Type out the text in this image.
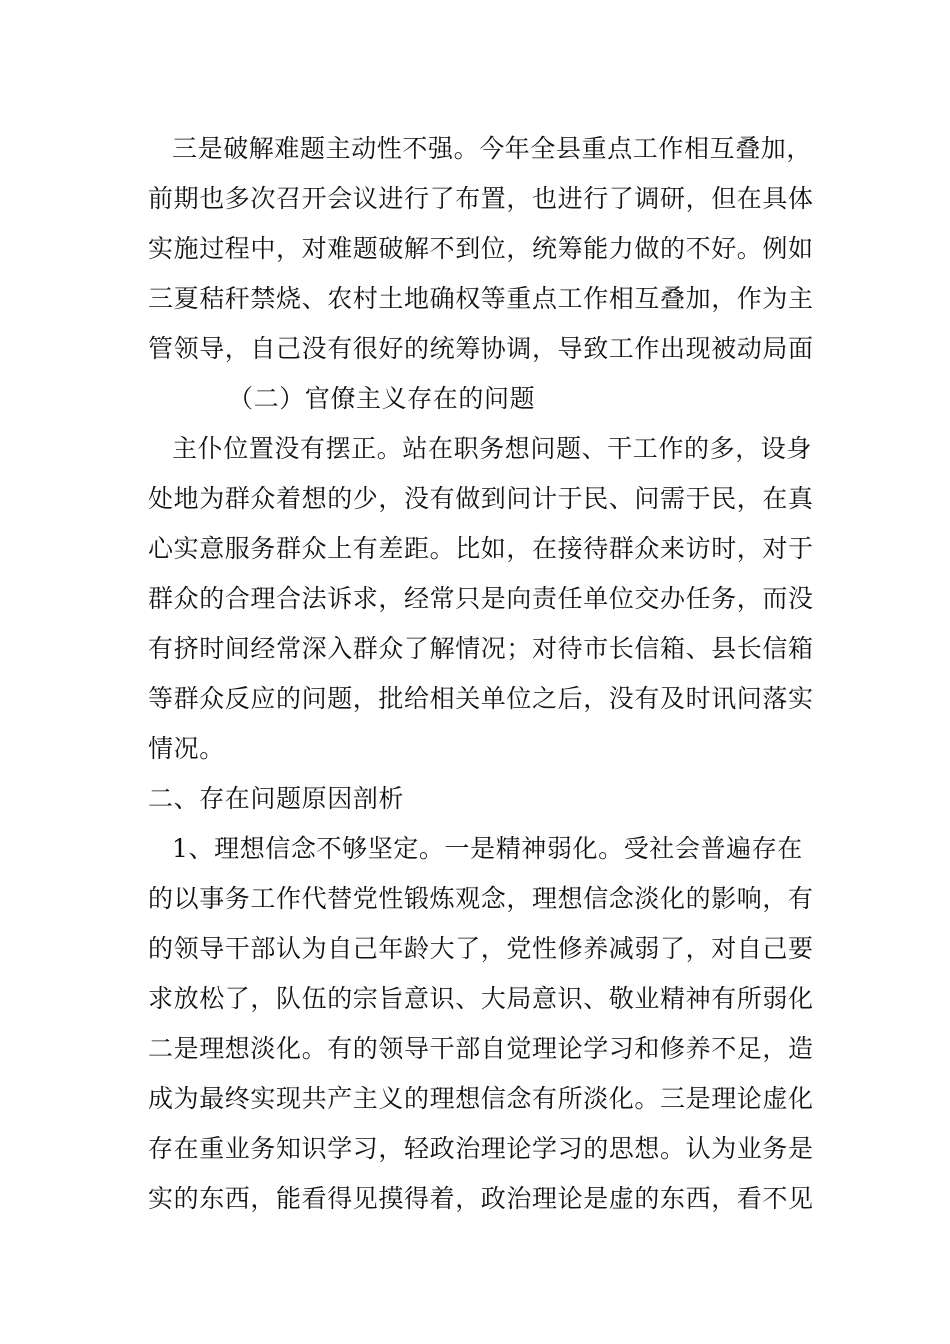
三是破解难题主动性不强。今年全县重点工作相互叠加，
前期也多次召开会议进行了布置，也进行了调研，但在具体
实施过程中，对难题破解不到位，统筹能力做的不好。例如
三夏秸秆禁烧、农村土地确权等重点工作相互叠加，作为主
管领导，自己没有很好的统筹协调，导致工作出现被动局面
（二）官僚主义存在的问题
主仆位置没有摆正。站在职务想问题、干工作的多，设身
处地为群众着想的少，没有做到问计于民、问需于民，在真
心实意服务群众上有差距。比如，在接待群众来访时，对于
群众的合理合法诉求，经常只是向责任单位交办任务，而没
有挤时间经常深入群众了解情况；对待市长信箱、县长信箱
等群众反应的问题，批给相关单位之后，没有及时讯问落实
情况。
二、存在问题原因剖析
1、理想信念不够坚定。一是精神弱化。受社会普遍存在
的以事务工作代替党性锻炼观念，理想信念淡化的影响，有
的领导干部认为自己年龄大了，党性修养减弱了，对自己要
求放松了，队伍的宗旨意识、大局意识、敬业精神有所弱化
二是理想淡化。有的领导干部自觉理论学习和修养不足，造
成为最终实现共产主义的理想信念有所淡化。三是理论虚化
存在重业务知识学习，轻政治理论学习的思想。认为业务是
实的东西，能看得见摸得着，政治理论是虚的东西，看不见
